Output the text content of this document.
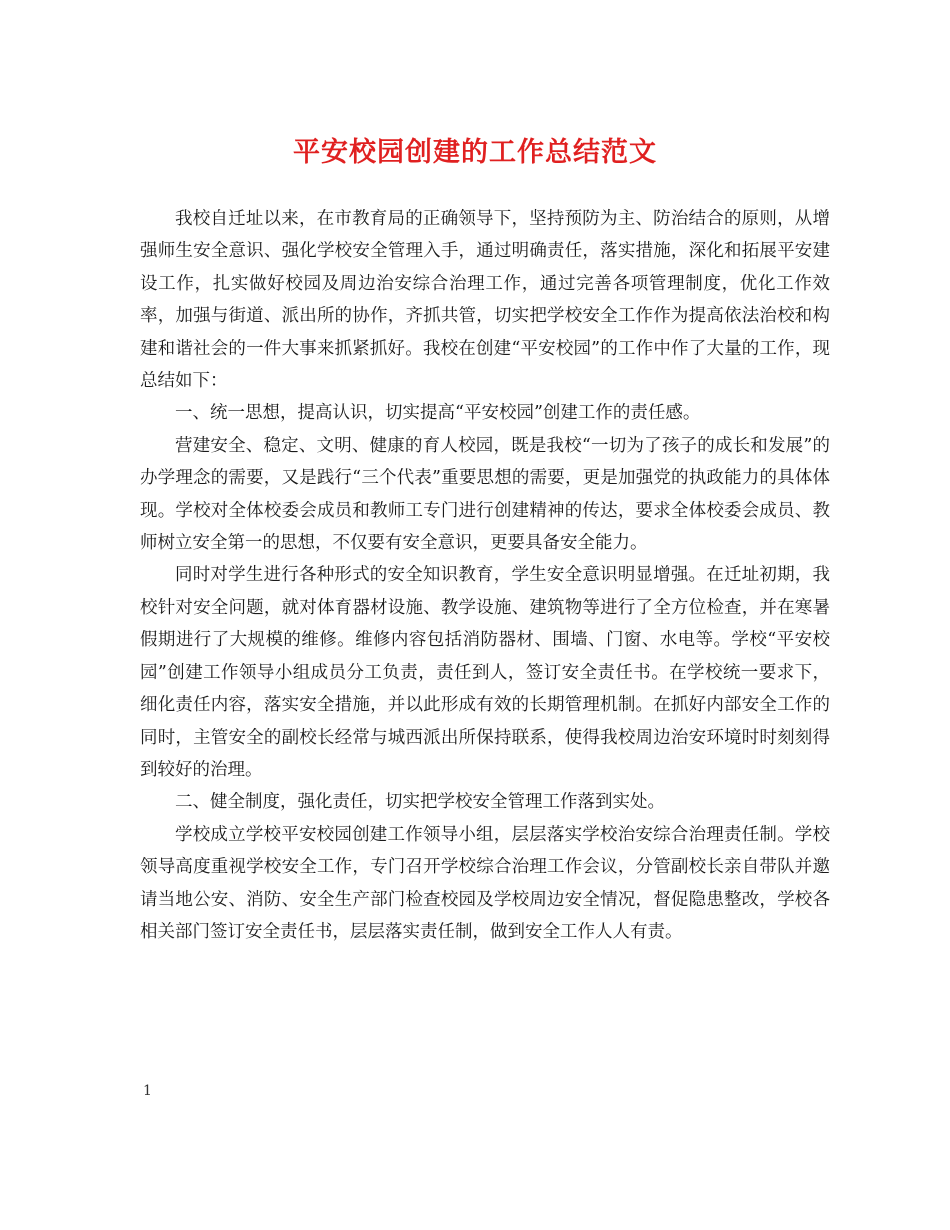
平安校园创建的工作总结范文

我校自迁址以来，在市教育局的正确领导下，坚持预防为主、防治结合的原则，从增强师生安全意识、强化学校安全管理入手，通过明确责任，落实措施，深化和拓展平安建设工作，扎实做好校园及周边治安综合治理工作，通过完善各项管理制度，优化工作效率，加强与街道、派出所的协作，齐抓共管，切实把学校安全工作作为提高依法治校和构建和谐社会的一件大事来抓紧抓好。我校在创建“平安校园”的工作中作了大量的工作，现总结如下：

一、统一思想，提高认识，切实提高“平安校园”创建工作的责任感。

营建安全、稳定、文明、健康的育人校园，既是我校“一切为了孩子的成长和发展”的办学理念的需要，又是践行“三个代表”重要思想的需要，更是加强党的执政能力的具体体现。学校对全体校委会成员和教师工专门进行创建精神的传达，要求全体校委会成员、教师树立安全第一的思想，不仅要有安全意识，更要具备安全能力。

同时对学生进行各种形式的安全知识教育，学生安全意识明显增强。在迁址初期，我校针对安全问题，就对体育器材设施、教学设施、建筑物等进行了全方位检查，并在寒暑假期进行了大规模的维修。维修内容包括消防器材、围墙、门窗、水电等。学校“平安校园”创建工作领导小组成员分工负责，责任到人，签订安全责任书。在学校统一要求下，细化责任内容，落实安全措施，并以此形成有效的长期管理机制。在抓好内部安全工作的同时，主管安全的副校长经常与城西派出所保持联系，使得我校周边治安环境时时刻刻得到较好的治理。

二、健全制度，强化责任，切实把学校安全管理工作落到实处。

学校成立学校平安校园创建工作领导小组，层层落实学校治安综合治理责任制。学校领导高度重视学校安全工作，专门召开学校综合治理工作会议，分管副校长亲自带队并邀请当地公安、消防、安全生产部门检查校园及学校周边安全情况，督促隐患整改，学校各相关部门签订安全责任书，层层落实责任制，做到安全工作人人有责。

1
